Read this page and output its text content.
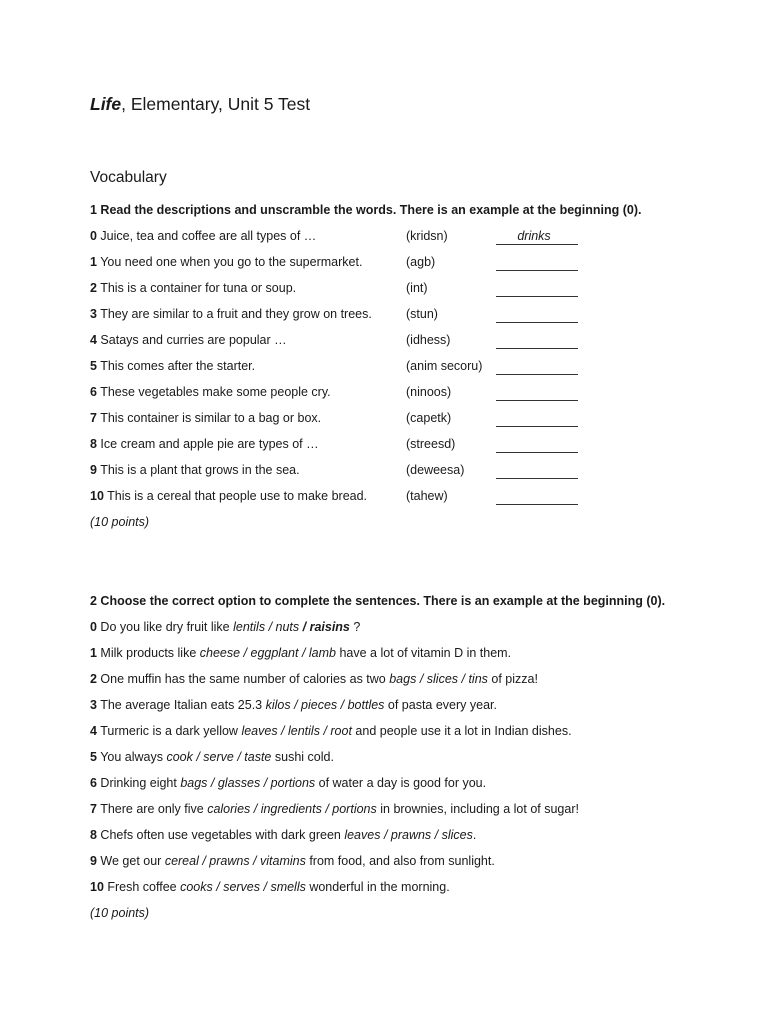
Life, Elementary, Unit 5 Test
Vocabulary
1 Read the descriptions and unscramble the words. There is an example at the beginning (0).
0 Juice, tea and coffee are all types of …	(kridsn)	drinks
1 You need one when you go to the supermarket.	(agb)
2 This is a container for tuna or soup.	(int)
3 They are similar to a fruit and they grow on trees.	(stun)
4 Satays and curries are popular …	(idhess)
5 This comes after the starter.	(anim secoru)
6 These vegetables make some people cry.	(ninoos)
7 This container is similar to a bag or box.	(capetk)
8 Ice cream and apple pie are types of …	(streesd)
9 This is a plant that grows in the sea.	(deweesa)
10 This is a cereal that people use to make bread.	(tahew)
(10 points)
2 Choose the correct option to complete the sentences. There is an example at the beginning (0).
0 Do you like dry fruit like lentils / nuts / raisins ?
1 Milk products like cheese / eggplant / lamb have a lot of vitamin D in them.
2 One muffin has the same number of calories as two bags / slices / tins of pizza!
3 The average Italian eats 25.3 kilos / pieces / bottles of pasta every year.
4 Turmeric is a dark yellow leaves / lentils / root and people use it a lot in Indian dishes.
5 You always cook / serve / taste sushi cold.
6 Drinking eight bags / glasses / portions of water a day is good for you.
7 There are only five calories / ingredients / portions in brownies, including a lot of sugar!
8 Chefs often use vegetables with dark green leaves / prawns / slices.
9 We get our cereal / prawns / vitamins from food, and also from sunlight.
10 Fresh coffee cooks / serves / smells wonderful in the morning.
(10 points)
